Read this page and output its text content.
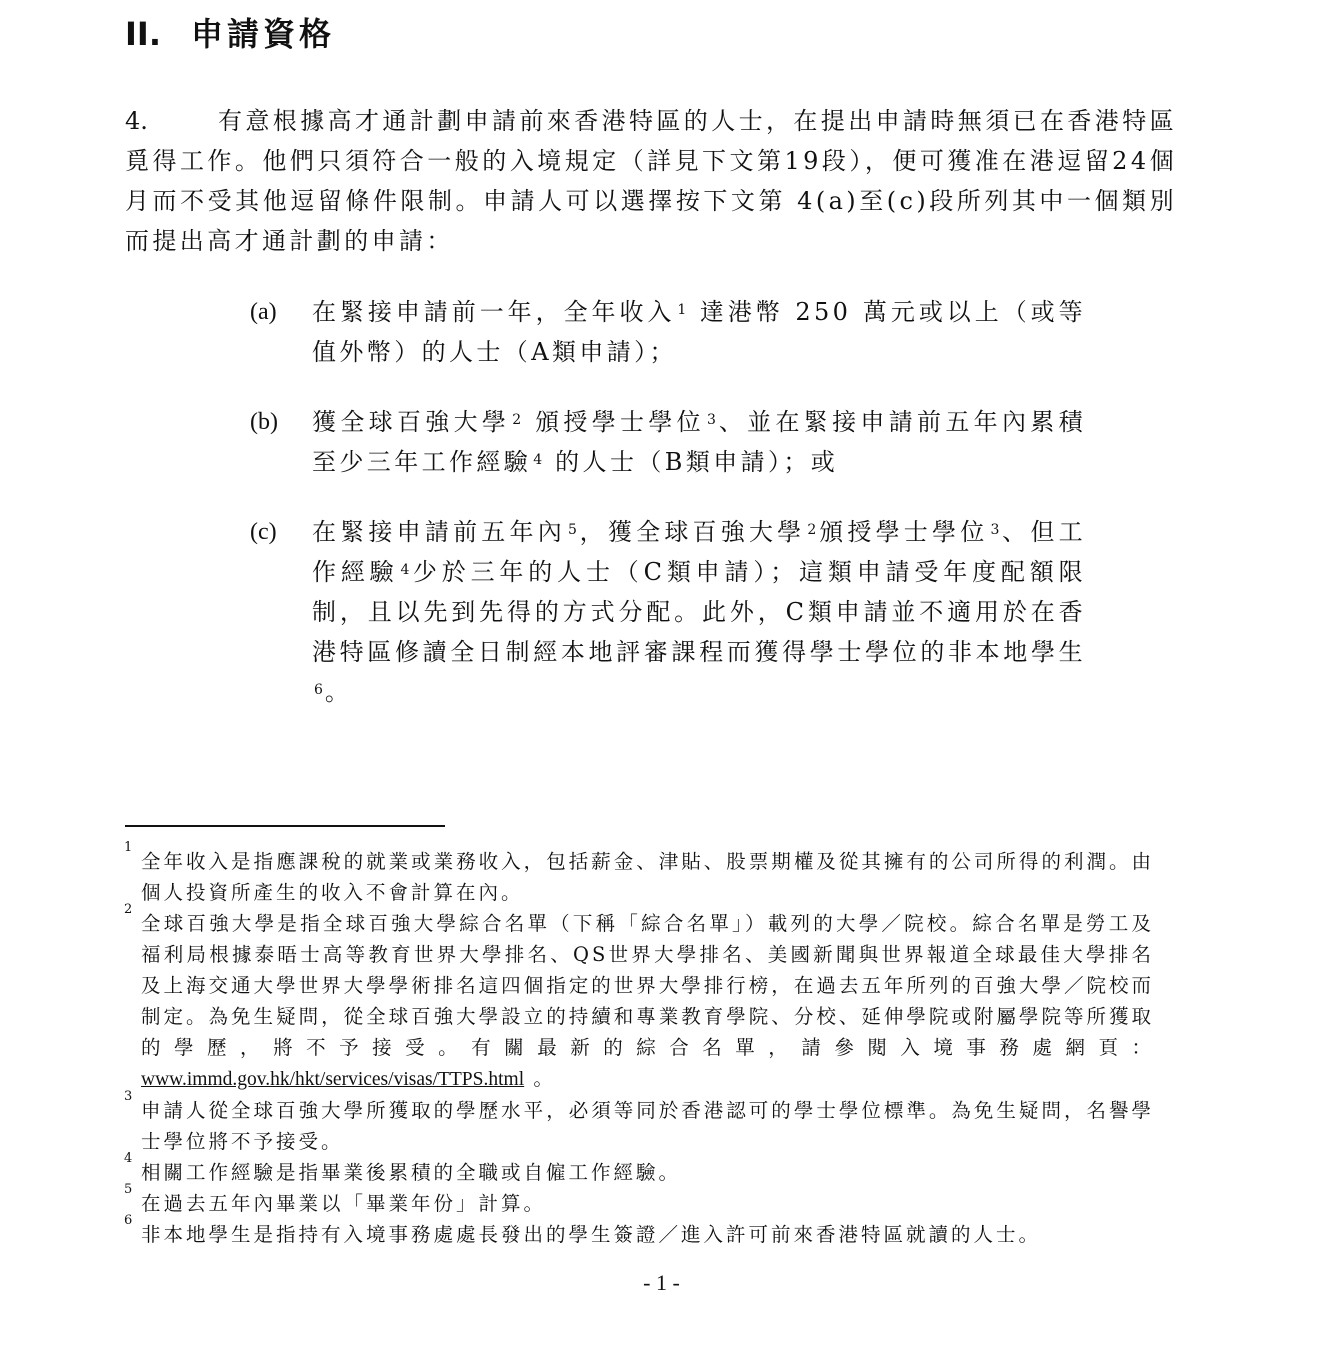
II. 申請資格

4.	有意根據高才通計劃申請前來香港特區的人士，在提出申請時無須已在香港特區覓得工作。他們只須符合一般的入境規定（詳見下文第19段），便可獲准在港逗留24個月而不受其他逗留條件限制。申請人可以選擇按下文第 4(a)至(c)段所列其中一個類別而提出高才通計劃的申請：

(a) 在緊接申請前一年，全年收入 $^1$ 達港幣 250 萬元或以上（或等值外幣）的人士（A類申請）；
(b) 獲全球百強大學 $^2$ 頒授學士學位 $^3$、並在緊接申請前五年內累積至少三年工作經驗 $^4$ 的人士（B類申請）；或
(c) 在緊接申請前五年內 $^5$，獲全球百強大學 $^2$頒授學士學位 $^3$、但工作經驗 $^4$少於三年的人士（C類申請）；這類申請受年度配額限制，且以先到先得的方式分配。此外，C類申請並不適用於在香港特區修讀全日制經本地評審課程而獲得學士學位的非本地學生$^6$。
1
全年收入是指應課稅的就業或業務收入，包括薪金、津貼、股票期權及從其擁有的公司所得的利潤。由個人投資所產生的收入不會計算在內。
2
全球百強大學是指全球百強大學綜合名單（下稱「綜合名單」）載列的大學／院校。綜合名單是勞工及福利局根據泰晤士高等教育世界大學排名、QS世界大學排名、美國新聞與世界報道全球最佳大學排名及上海交通大學世界大學學術排名這四個指定的世界大學排行榜，在過去五年所列的百強大學／院校而制定。為免生疑問，從全球百強大學設立的持續和專業教育學院、分校、延伸學院或附屬學院等所獲取的學歷，將不予接受。有關最新的綜合名單，請參閱入境事務處網頁：www.immd.gov.hk/hkt/services/visas/TTPS.html 。
3
申請人從全球百強大學所獲取的學歷水平，必須等同於香港認可的學士學位標準。為免生疑問，名譽學士學位將不予接受。
4
相關工作經驗是指畢業後累積的全職或自僱工作經驗。
5
在過去五年內畢業以「畢業年份」計算。
6
非本地學生是指持有入境事務處處長發出的學生簽證／進入許可前來香港特區就讀的人士。
- 1 -
